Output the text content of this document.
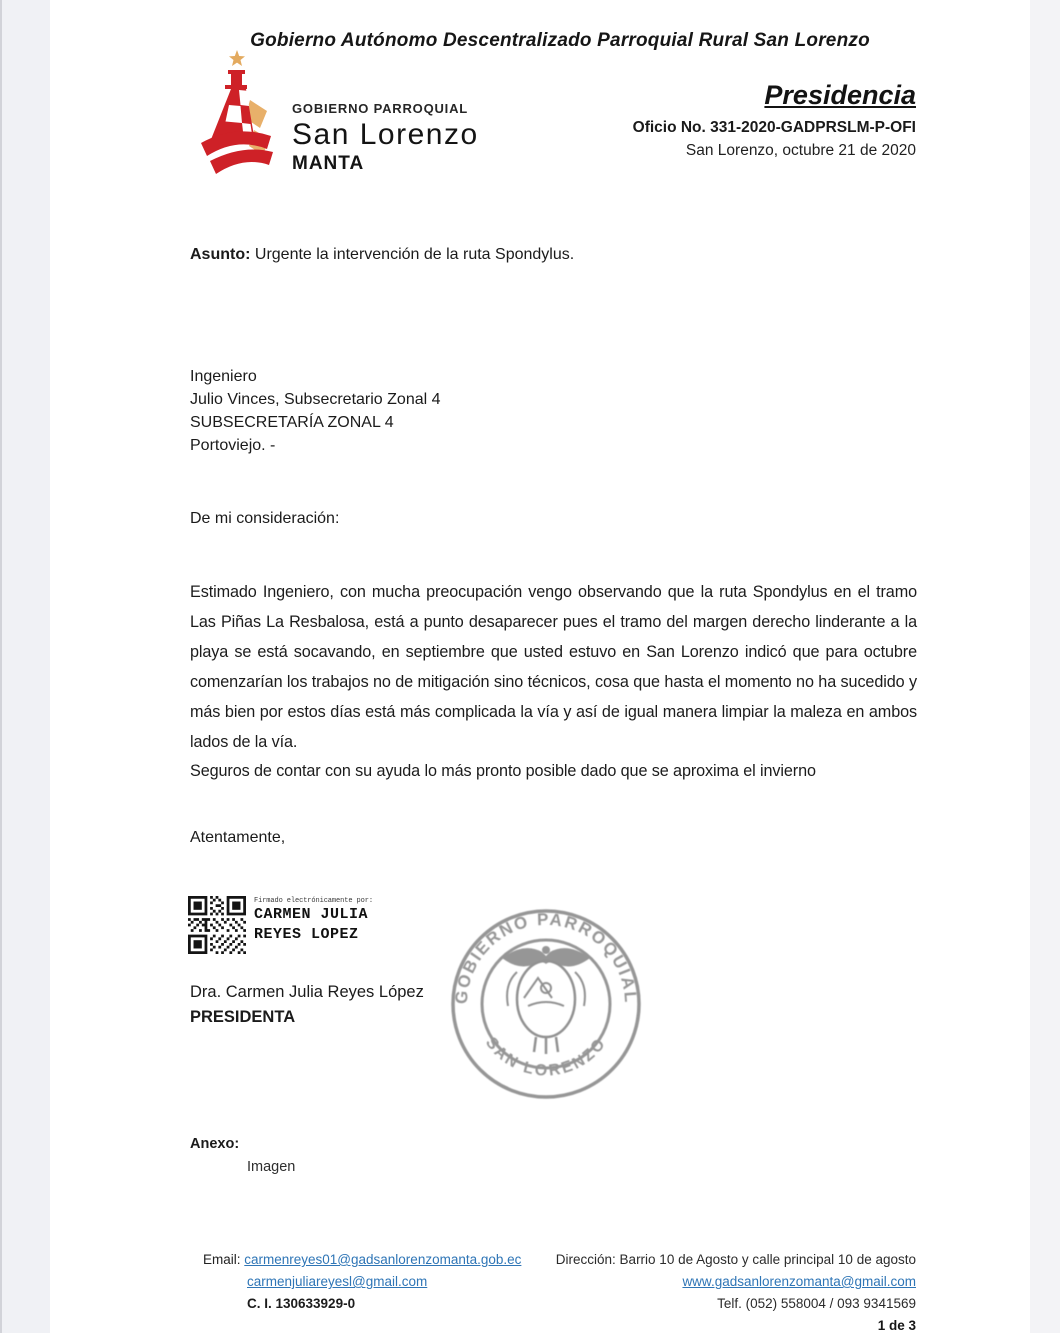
Gobierno Autónomo Descentralizado Parroquial Rural San Lorenzo
GOBIERNO PARROQUIAL
San Lorenzo
MANTA
Presidencia
Oficio No. 331-2020-GADPRSLM-P-OFI
San Lorenzo, octubre 21 de 2020
Asunto: Urgente la intervención de la ruta Spondylus.
Ingeniero
Julio Vinces, Subsecretario Zonal 4
SUBSECRETARÍA ZONAL 4
Portoviejo. -
De mi consideración:
Estimado Ingeniero, con mucha preocupación vengo observando que la ruta Spondylus en el tramo Las Piñas La Resbalosa, está a punto desaparecer pues el tramo del margen derecho linderante a la playa se está socavando, en septiembre que usted estuvo en San Lorenzo indicó que para octubre comenzarían los trabajos no de mitigación sino técnicos, cosa que hasta el momento no ha sucedido y más bien por estos días está más complicada la vía y así de igual manera limpiar la maleza en ambos lados de la vía.
Seguros de contar con su ayuda lo más pronto posible dado que se aproxima el invierno
Atentamente,
Firmado electrónicamente por:
CARMEN JULIA
REYES LOPEZ
Dra. Carmen Julia Reyes López
PRESIDENTA
GOBIERNO PARROQUIAL
SAN LORENZO
Anexo:
Imagen
Email: carmenreyes01@gadsanlorenzomanta.gob.ec
carmenjuliareyesl@gmail.com
C. I. 130633929-0
Dirección: Barrio 10 de Agosto y calle principal 10 de agosto
www.gadsanlorenzomanta@gmail.com
Telf. (052) 558004 / 093 9341569
1 de 3
